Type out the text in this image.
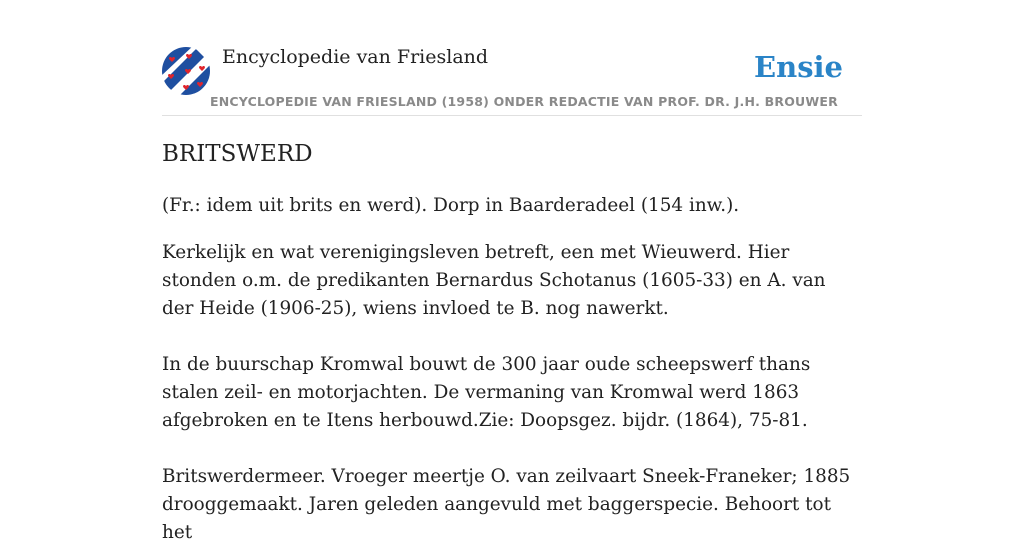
Encyclopedie van Friesland	Ensie
ENCYCLOPEDIE VAN FRIESLAND (1958) ONDER REDACTIE VAN PROF. DR. J.H. BROUWER
BRITSWERD

(Fr.: idem uit brits en werd). Dorp in Baarderadeel (154 inw.).

Kerkelijk en wat verenigingsleven betreft, een met Wieuwerd. Hier stonden o.m. de predikanten Bernardus Schotanus (1605-33) en A. van der Heide (1906-25), wiens invloed te B. nog nawerkt.

In de buurschap Kromwal bouwt de 300 jaar oude scheepswerf thans stalen zeil- en motorjachten. De vermaning van Kromwal werd 1863 afgebroken en te Itens herbouwd.Zie: Doopsgez. bijdr. (1864), 75-81.

Britswerdermeer. Vroeger meertje O. van zeilvaart Sneek-Franeker; 1885 drooggemaakt. Jaren geleden aangevuld met baggerspecie. Behoort tot het
